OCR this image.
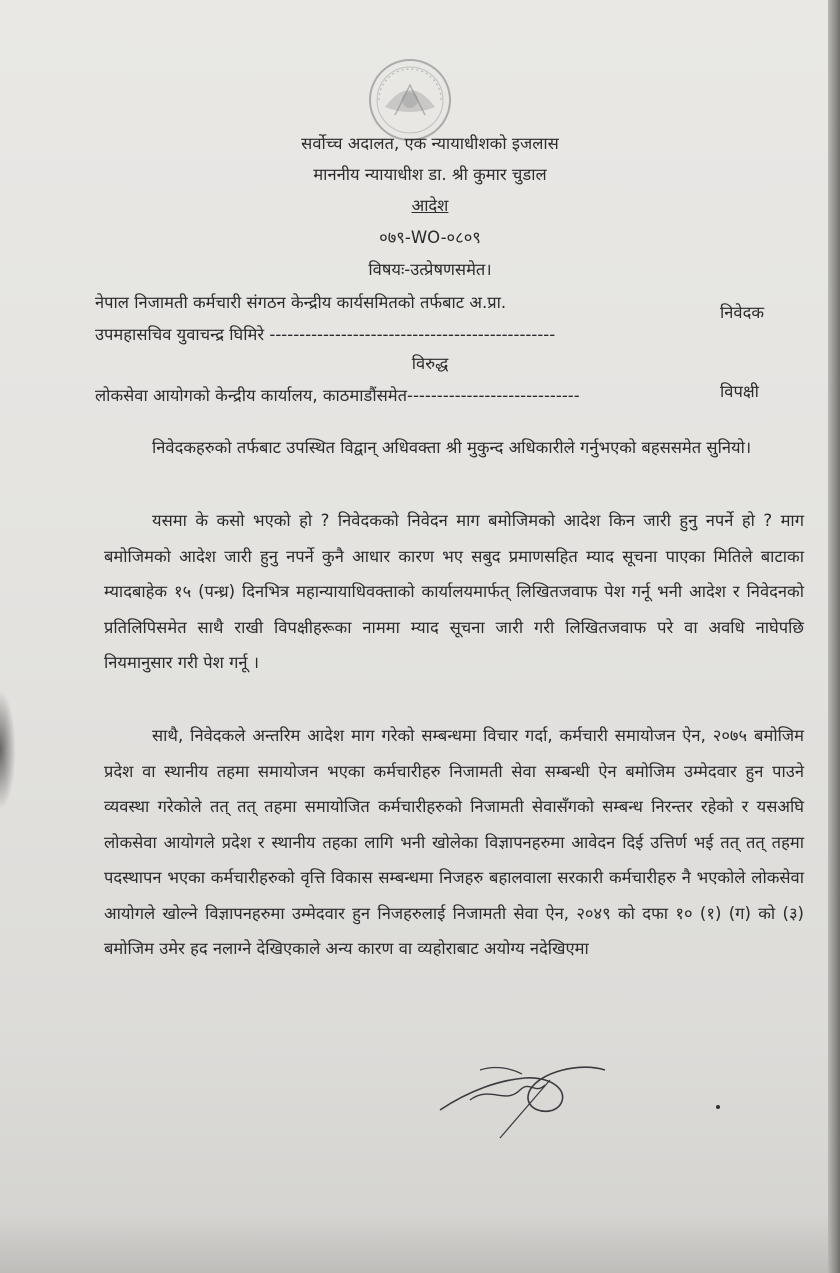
सर्वोच्च अदालत, एक न्यायाधीशको इजलास
माननीय न्यायाधीश डा. श्री कुमार चुडाल
आदेश
०७९-WO-०८०९
विषयः-उत्प्रेषणसमेत।
नेपाल निजामती कर्मचारी संगठन केन्द्रीय कार्यसमितको तर्फबाट अ.प्रा.
उपमहासचिव युवाचन्द्र घिमिरे ------------------------------------------------
निवेदक
विरुद्ध
लोकसेवा आयोगको केन्द्रीय कार्यालय, काठमाडौंसमेत-----------------------------	विपक्षी
निवेदकहरुको तर्फबाट उपस्थित विद्वान् अधिवक्ता श्री मुकुन्द अधिकारीले गर्नुभएको बहससमेत सुनियो।
यसमा के कसो भएको हो ? निवेदकको निवेदन माग बमोजिमको आदेश किन जारी हुनु नपर्ने हो ? माग बमोजिमको आदेश जारी हुनु नपर्ने कुनै आधार कारण भए सबुद प्रमाणसहित म्याद सूचना पाएका मितिले बाटाका म्यादबाहेक १५ (पन्ध्र) दिनभित्र महान्यायाधिवक्ताको कार्यालयमार्फत् लिखितजवाफ पेश गर्नू भनी आदेश र निवेदनको प्रतिलिपिसमेत साथै राखी विपक्षीहरूका नाममा म्याद सूचना जारी गरी लिखितजवाफ परे वा अवधि नाघेपछि नियमानुसार गरी पेश गर्नू ।
साथै, निवेदकले अन्तरिम आदेश माग गरेको सम्बन्धमा विचार गर्दा, कर्मचारी समायोजन ऐन, २०७५ बमोजिम प्रदेश वा स्थानीय तहमा समायोजन भएका कर्मचारीहरु निजामती सेवा सम्बन्धी ऐन बमोजिम उम्मेदवार हुन पाउने व्यवस्था गरेकोले तत् तत् तहमा समायोजित कर्मचारीहरुको निजामती सेवासँगको सम्बन्ध निरन्तर रहेको र यसअघि लोकसेवा आयोगले प्रदेश र स्थानीय तहका लागि भनी खोलेका विज्ञापनहरुमा आवेदन दिई उत्तिर्ण भई तत् तत् तहमा पदस्थापन भएका कर्मचारीहरुको वृत्ति विकास सम्बन्धमा निजहरु बहालवाला सरकारी कर्मचारीहरु नै भएकोले लोकसेवा आयोगले खोल्ने विज्ञापनहरुमा उम्मेदवार हुन निजहरुलाई निजामती सेवा ऐन, २०४९ को दफा १० (१) (ग) को (३) बमोजिम उमेर हद नलाग्ने देखिएकाले अन्य कारण वा व्यहोराबाट अयोग्य नदेखिएमा
